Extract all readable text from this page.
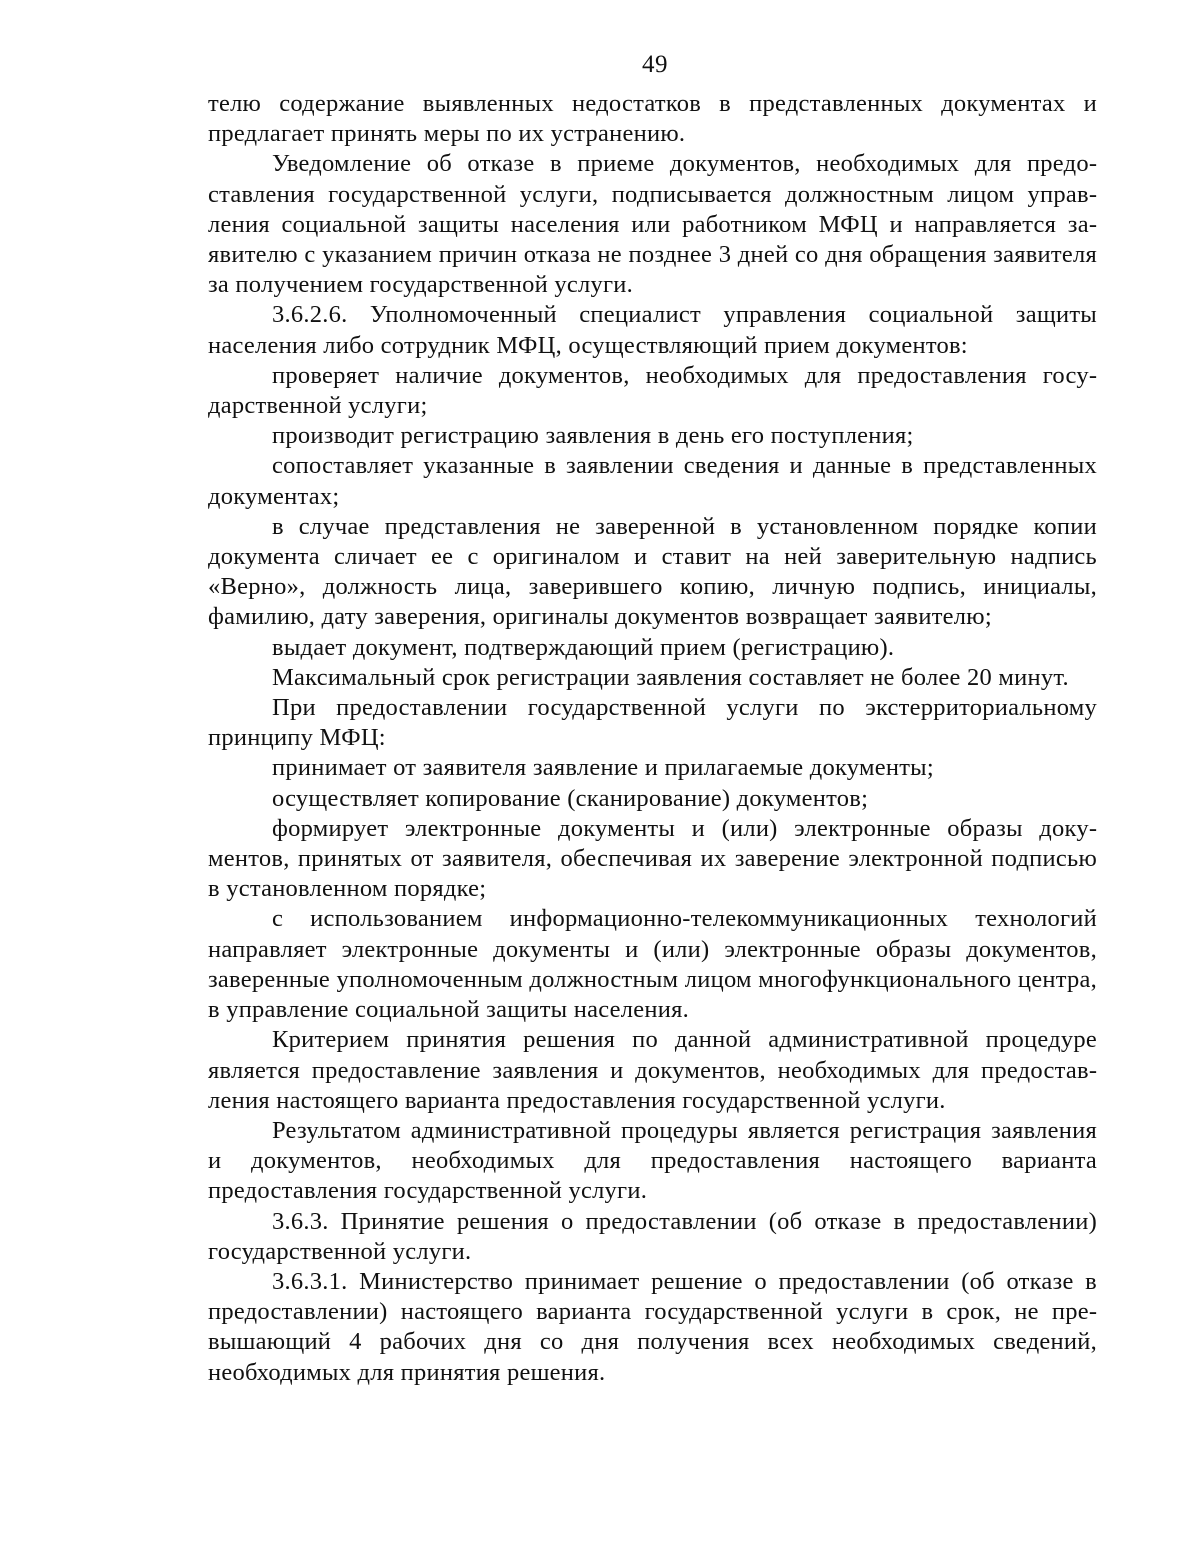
49

телю содержание выявленных недостатков в представленных документах и предлагает принять меры по их устранению.

Уведомление об отказе в приеме документов, необходимых для предоставления государственной услуги, подписывается должностным лицом управления социальной защиты населения или работником МФЦ и направляется заявителю с указанием причин отказа не позднее 3 дней со дня обращения заявителя за получением государственной услуги.

3.6.2.6. Уполномоченный специалист управления социальной защиты населения либо сотрудник МФЦ, осуществляющий прием документов:

проверяет наличие документов, необходимых для предоставления государственной услуги;

производит регистрацию заявления в день его поступления;

сопоставляет указанные в заявлении сведения и данные в представленных документах;

в случае представления не заверенной в установленном порядке копии документа сличает ее с оригиналом и ставит на ней заверительную надпись «Верно», должность лица, заверившего копию, личную подпись, инициалы, фамилию, дату заверения, оригиналы документов возвращает заявителю;

выдает документ, подтверждающий прием (регистрацию).

Максимальный срок регистрации заявления составляет не более 20 минут.

При предоставлении государственной услуги по экстерриториальному принципу МФЦ:

принимает от заявителя заявление и прилагаемые документы;

осуществляет копирование (сканирование) документов;

формирует электронные документы и (или) электронные образы документов, принятых от заявителя, обеспечивая их заверение электронной подписью в установленном порядке;

с использованием информационно-телекоммуникационных технологий направляет электронные документы и (или) электронные образы документов, заверенные уполномоченным должностным лицом многофункционального центра, в управление социальной защиты населения.

Критерием принятия решения по данной административной процедуре является предоставление заявления и документов, необходимых для предоставления настоящего варианта предоставления государственной услуги.

Результатом административной процедуры является регистрация заявления и документов, необходимых для предоставления настоящего варианта предоставления государственной услуги.

3.6.3. Принятие решения о предоставлении (об отказе в предоставлении) государственной услуги.

3.6.3.1. Министерство принимает решение о предоставлении (об отказе в предоставлении) настоящего варианта государственной услуги в срок, не превышающий 4 рабочих дня со дня получения всех необходимых сведений, необходимых для принятия решения.
